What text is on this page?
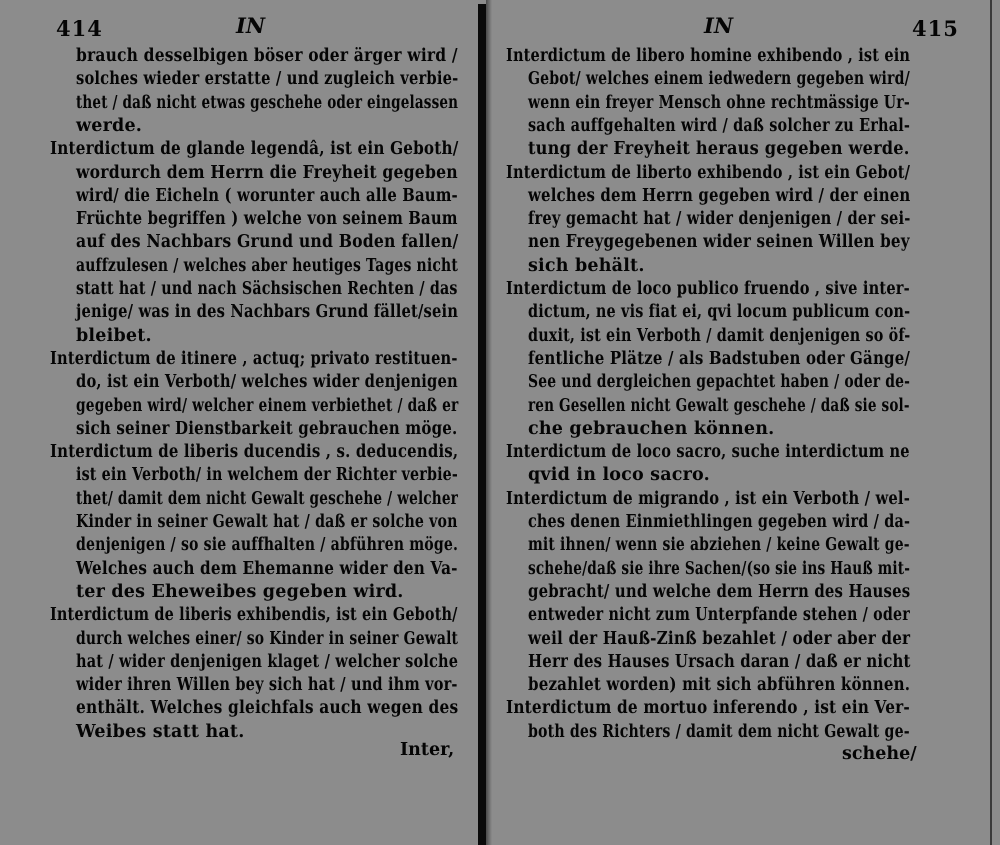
414	IN
brauch desselbigen böser oder ärger wird /
solches wieder erstatte / und zugleich verbie-
thet / daß nicht etwas geschehe oder eingelassen
werde.
Interdictum de glande legendâ, ist ein Geboth/
wordurch dem Herrn die Freyheit gegeben
wird/ die Eicheln ( worunter auch alle Baum-
Früchte begriffen ) welche von seinem Baum
auf des Nachbars Grund und Boden fallen/
auffzulesen / welches aber heutiges Tages nicht
statt hat / und nach Sächsischen Rechten / das
jenige/ was in des Nachbars Grund fället/sein
bleibet.
Interdictum de itinere , actuq; privato restituen-
do, ist ein Verboth/ welches wider denjenigen
gegeben wird/ welcher einem verbiethet / daß er
sich seiner Dienstbarkeit gebrauchen möge.
Interdictum de liberis ducendis , s. deducendis,
ist ein Verboth/ in welchem der Richter verbie-
thet/ damit dem nicht Gewalt geschehe / welcher
Kinder in seiner Gewalt hat / daß er solche von
denjenigen / so sie auffhalten / abführen möge.
Welches auch dem Ehemanne wider den Va-
ter des Eheweibes gegeben wird.
Interdictum de liberis exhibendis, ist ein Geboth/
durch welches einer/ so Kinder in seiner Gewalt
hat / wider denjenigen klaget / welcher solche
wider ihren Willen bey sich hat / und ihm vor-
enthält. Welches gleichfals auch wegen des
Weibes statt hat.
Inter,
IN	415
Interdictum de libero homine exhibendo , ist ein
Gebot/ welches einem iedwedern gegeben wird/
wenn ein freyer Mensch ohne rechtmässige Ur-
sach auffgehalten wird / daß solcher zu Erhal-
tung der Freyheit heraus gegeben werde.
Interdictum de liberto exhibendo , ist ein Gebot/
welches dem Herrn gegeben wird / der einen
frey gemacht hat / wider denjenigen / der sei-
nen Freygegebenen wider seinen Willen bey
sich behält.
Interdictum de loco publico fruendo , sive inter-
dictum, ne vis fiat ei, qvi locum publicum con-
duxit, ist ein Verboth / damit denjenigen so öf-
fentliche Plätze / als Badstuben oder Gänge/
See und dergleichen gepachtet haben / oder de-
ren Gesellen nicht Gewalt geschehe / daß sie sol-
che gebrauchen können.
Interdictum de loco sacro, suche interdictum ne
qvid in loco sacro.
Interdictum de migrando , ist ein Verboth / wel-
ches denen Einmiethlingen gegeben wird / da-
mit ihnen/ wenn sie abziehen / keine Gewalt ge-
schehe/daß sie ihre Sachen/(so sie ins Hauß mit-
gebracht/ und welche dem Herrn des Hauses
entweder nicht zum Unterpfande stehen / oder
weil der Hauß-Zinß bezahlet / oder aber der
Herr des Hauses Ursach daran / daß er nicht
bezahlet worden) mit sich abführen können.
Interdictum de mortuo inferendo , ist ein Ver-
both des Richters / damit dem nicht Gewalt ge-
schehe/
